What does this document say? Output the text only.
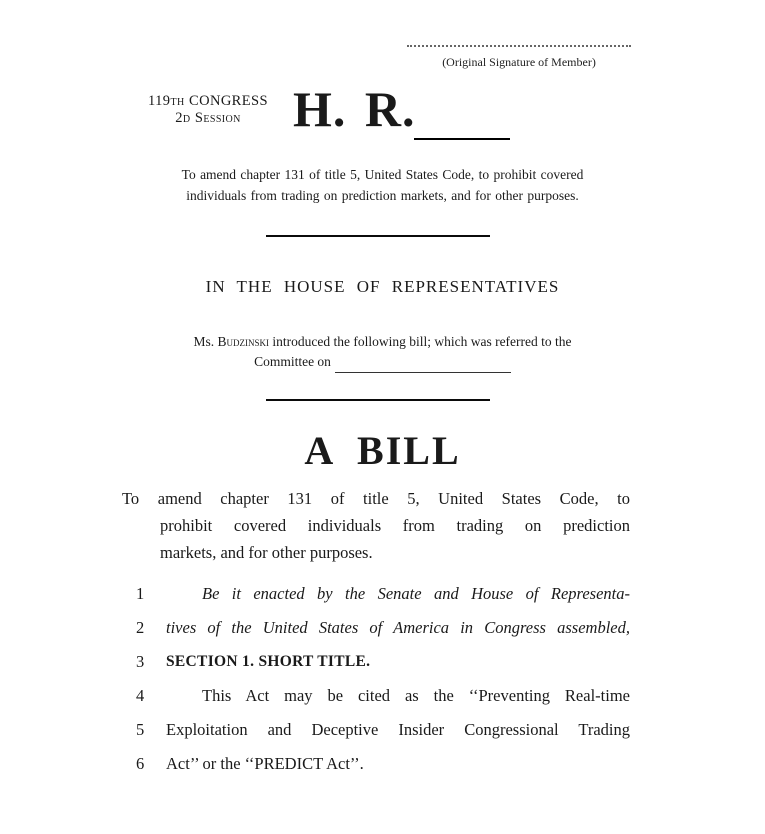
(Original Signature of Member)
119TH CONGRESS
2D Session	H. R.
To amend chapter 131 of title 5, United States Code, to prohibit covered
individuals from trading on prediction markets, and for other purposes.
IN THE HOUSE OF REPRESENTATIVES
Ms. Budzinski introduced the following bill; which was referred to the
Committee on
A BILL
To amend chapter 131 of title 5, United States Code, to
prohibit covered individuals from trading on prediction
markets, and for other purposes.
1	Be it enacted by the Senate and House of Representa-
2	tives of the United States of America in Congress assembled,
3	SECTION 1. SHORT TITLE.
4	This Act may be cited as the ‘‘Preventing Real-time
5	Exploitation and Deceptive Insider Congressional Trading
6	Act’’ or the ‘‘PREDICT Act’’.
